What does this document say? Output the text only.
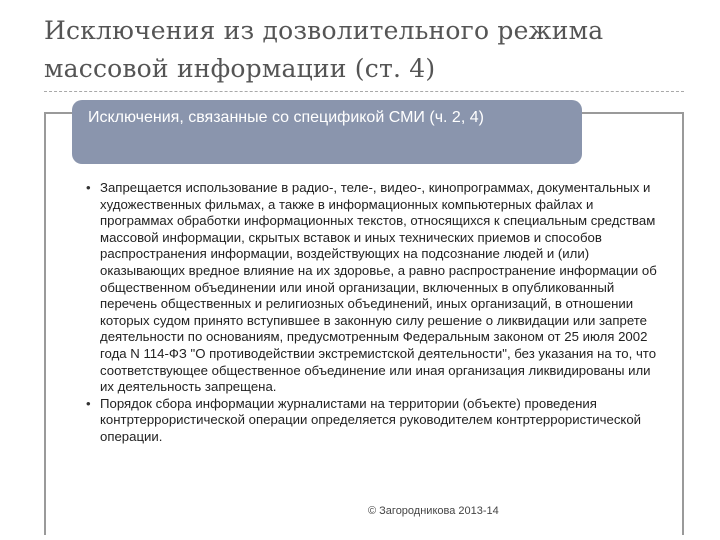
Исключения из дозволительного режима массовой информации (ст. 4)
Исключения, связанные со спецификой СМИ (ч. 2, 4)
• Запрещается использование в радио-, теле-, видео-, кинопрограммах, документальных и художественных фильмах, а также в информационных компьютерных файлах и программах обработки информационных текстов, относящихся к специальным средствам массовой информации, скрытых вставок и иных технических приемов и способов распространения информации, воздействующих на подсознание людей и (или) оказывающих вредное влияние на их здоровье, а равно распространение информации об общественном объединении или иной организации, включенных в опубликованный перечень общественных и религиозных объединений, иных организаций, в отношении которых судом принято вступившее в законную силу решение о ликвидации или запрете деятельности по основаниям, предусмотренным Федеральным законом от 25 июля 2002 года N 114-ФЗ "О противодействии экстремистской деятельности", без указания на то, что соответствующее общественное объединение или иная организация ликвидированы или их деятельность запрещена.
• Порядок сбора информации журналистами на территории (объекте) проведения контртеррористической операции определяется руководителем контртеррористической операции.
© Загородникова 2013-14
